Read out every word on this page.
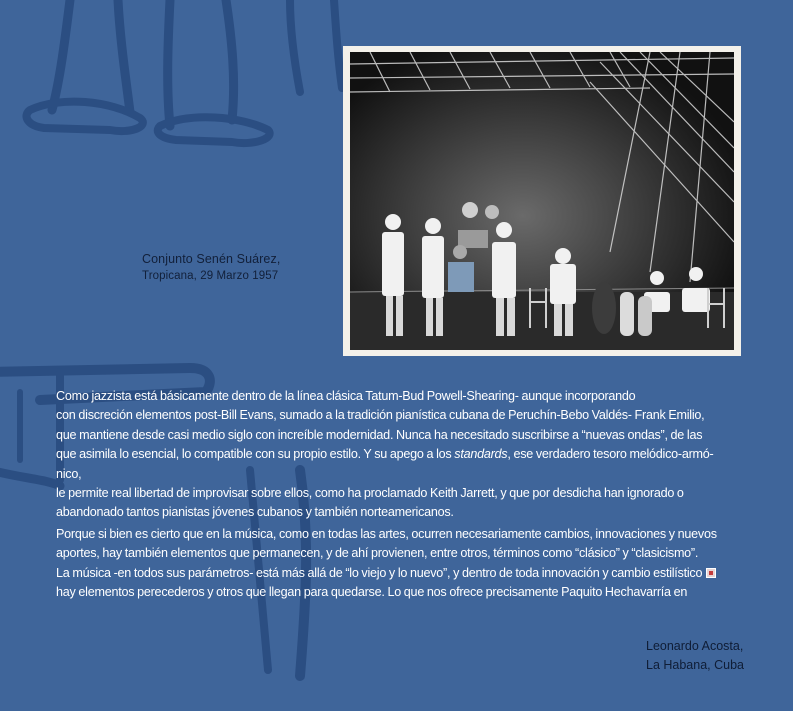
Conjunto Senén Suárez,
Tropicana, 29 Marzo 1957
Como jazzista está básicamente dentro de la línea clásica Tatum-Bud Powell-Shearing- aunque incorporando
con discreción elementos post-Bill Evans, sumado a la tradición pianística cubana de Peruchín-Bebo Valdés- Frank Emilio,
que mantiene desde casi medio siglo con increíble modernidad. Nunca ha necesitado suscribirse a “nuevas ondas”, de las
que asimila lo esencial, lo compatible con su propio estilo. Y su apego a los standards, ese verdadero tesoro melódico-armó-
nico,
le permite real libertad de improvisar sobre ellos, como ha proclamado Keith Jarrett, y que por desdicha han ignorado o
abandonado tantos pianistas jóvenes cubanos y también norteamericanos.
Porque si bien es cierto que en la música, como en todas las artes, ocurren necesariamente cambios, innovaciones y nuevos
aportes, hay también elementos que permanecen, y de ahí provienen, entre otros, términos como “clásico” y “clasicismo”.
La música -en todos sus parámetros- está más allá de “lo viejo y lo nuevo”, y dentro de toda innovación y cambio estilístico
hay elementos perecederos y otros que llegan para quedarse. Lo que nos ofrece precisamente Paquito Hechavarría en
Leonardo Acosta,
La Habana, Cuba
